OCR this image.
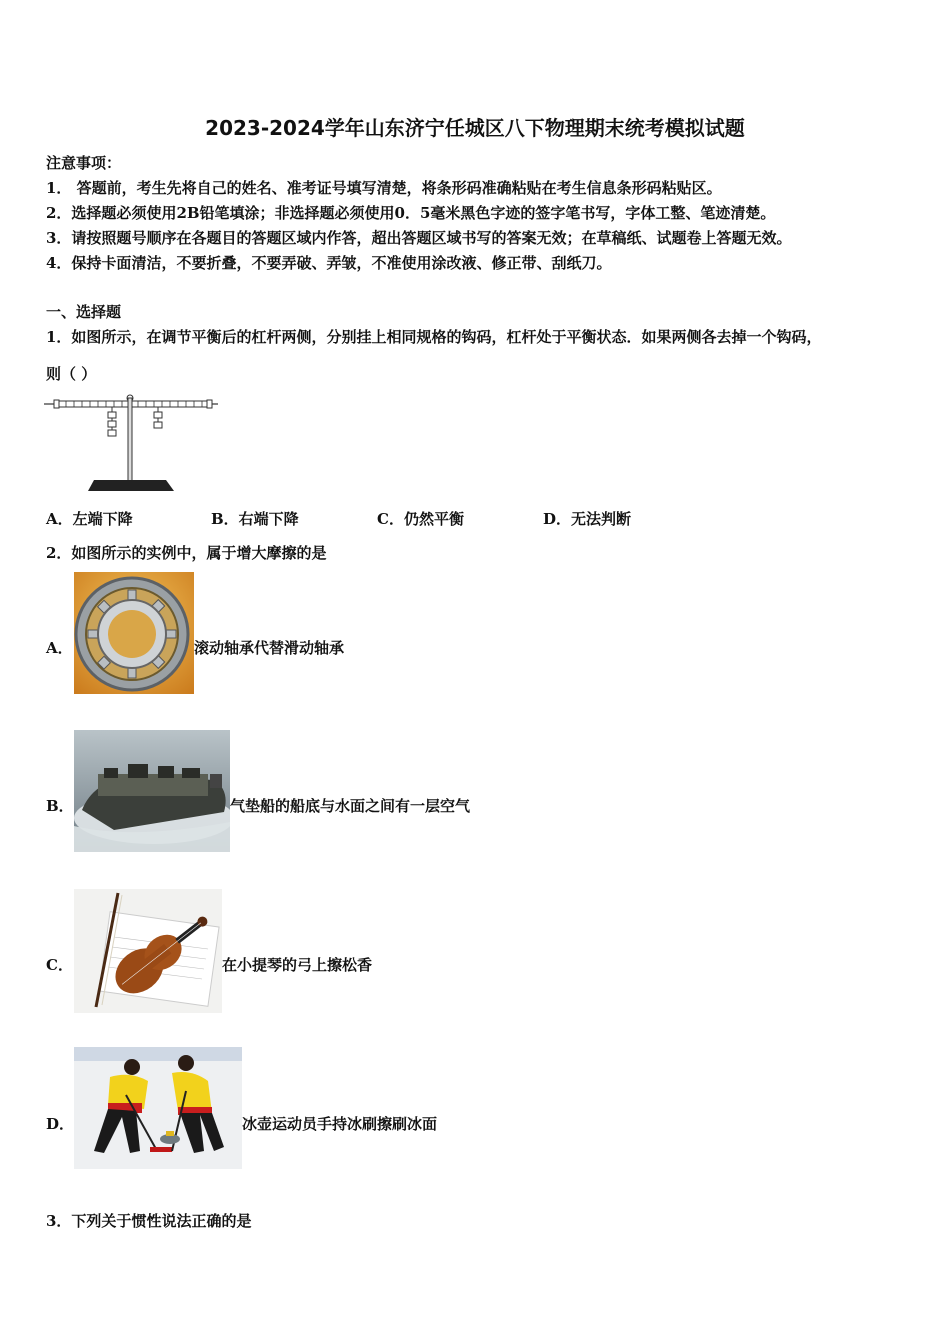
2023-2024学年山东济宁任城区八下物理期末统考模拟试题
注意事项：
1． 答题前，考生先将自己的姓名、准考证号填写清楚，将条形码准确粘贴在考生信息条形码粘贴区。
2．选择题必须使用2B铅笔填涂；非选择题必须使用0．5毫米黑色字迹的签字笔书写，字体工整、笔迹清楚。
3．请按照题号顺序在各题目的答题区域内作答，超出答题区域书写的答案无效；在草稿纸、试题卷上答题无效。
4．保持卡面清洁，不要折叠，不要弄破、弄皱，不准使用涂改液、修正带、刮纸刀。
一、选择题
1．如图所示，在调节平衡后的杠杆两侧，分别挂上相同规格的钩码，杠杆处于平衡状态．如果两侧各去掉一个钩码，
则（ ）
A．左端下降	B．右端下降	C．仍然平衡	D．无法判断
2．如图所示的实例中，属于增大摩擦的是
A．	滚动轴承代替滑动轴承
B．	气垫船的船底与水面之间有一层空气
C．	在小提琴的弓上擦松香
D．	冰壶运动员手持冰刷擦刷冰面
3．下列关于惯性说法正确的是
